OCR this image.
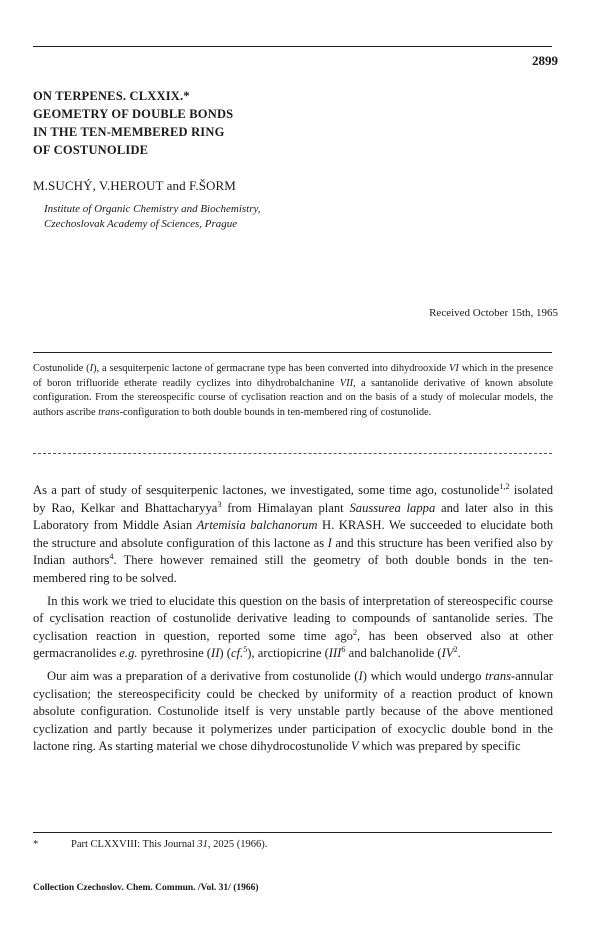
2899
ON TERPENES. CLXXIX.*
GEOMETRY OF DOUBLE BONDS
IN THE TEN-MEMBERED RING
OF COSTUNOLIDE
M.SUCHÝ, V.HEROUT and F.ŠORM
Institute of Organic Chemistry and Biochemistry,
Czechoslovak Academy of Sciences, Prague
Received October 15th, 1965

Costunolide (I), a sesquiterpenic lactone of germacrane type has been converted into dihydrooxide VI which in the presence of boron trifluoride etherate readily cyclizes into dihydrobalchanine VII, a santanolide derivative of known absolute configuration. From the stereospecific course of cyclisation reaction and on the basis of a study of molecular models, the authors ascribe trans-configuration to both double bounds in ten-membered ring of costunolide.

As a part of study of sesquiterpenic lactones, we investigated, some time ago, costunolide$^{1,2}$ isolated by Rao, Kelkar and Bhattacharyya$^3$ from Himalayan plant Saussurea lappa and later also in this Laboratory from Middle Asian Artemisia balchanorum H. KRASH. We succeeded to elucidate both the structure and absolute configuration of this lactone as I and this structure has been verified also by Indian authors$^4$. There however remained still the geometry of both double bonds in the ten- membered ring to be solved.

In this work we tried to elucidate this question on the basis of interpretation of stereospecific course of cyclisation reaction of costunolide derivative leading to compounds of santanolide series. The cyclisation reaction in question, reported some time ago$^2$, has been observed also at other germacranolides e.g. pyrethrosine (II) (cf.$^5$), arctiopicrine (III$^6$ and balchanolide ($IV^2$.

Our aim was a preparation of a derivative from costunolide (I) which would undergo trans-annular cyclisation; the stereospecificity could be checked by uniformity of a reaction product of known absolute configuration. Costunolide itself is very unstable partly because of the above mentioned cyclization and partly because it polymerizes under participation of exocyclic double bond in the lactone ring. As starting material we chose dihydrocostunolide V which was prepared by specific

*	Part CLXXVIII: This Journal 31, 2025 (1966).
Collection Czechoslov. Chem. Commun. /Vol. 31/ (1966)
